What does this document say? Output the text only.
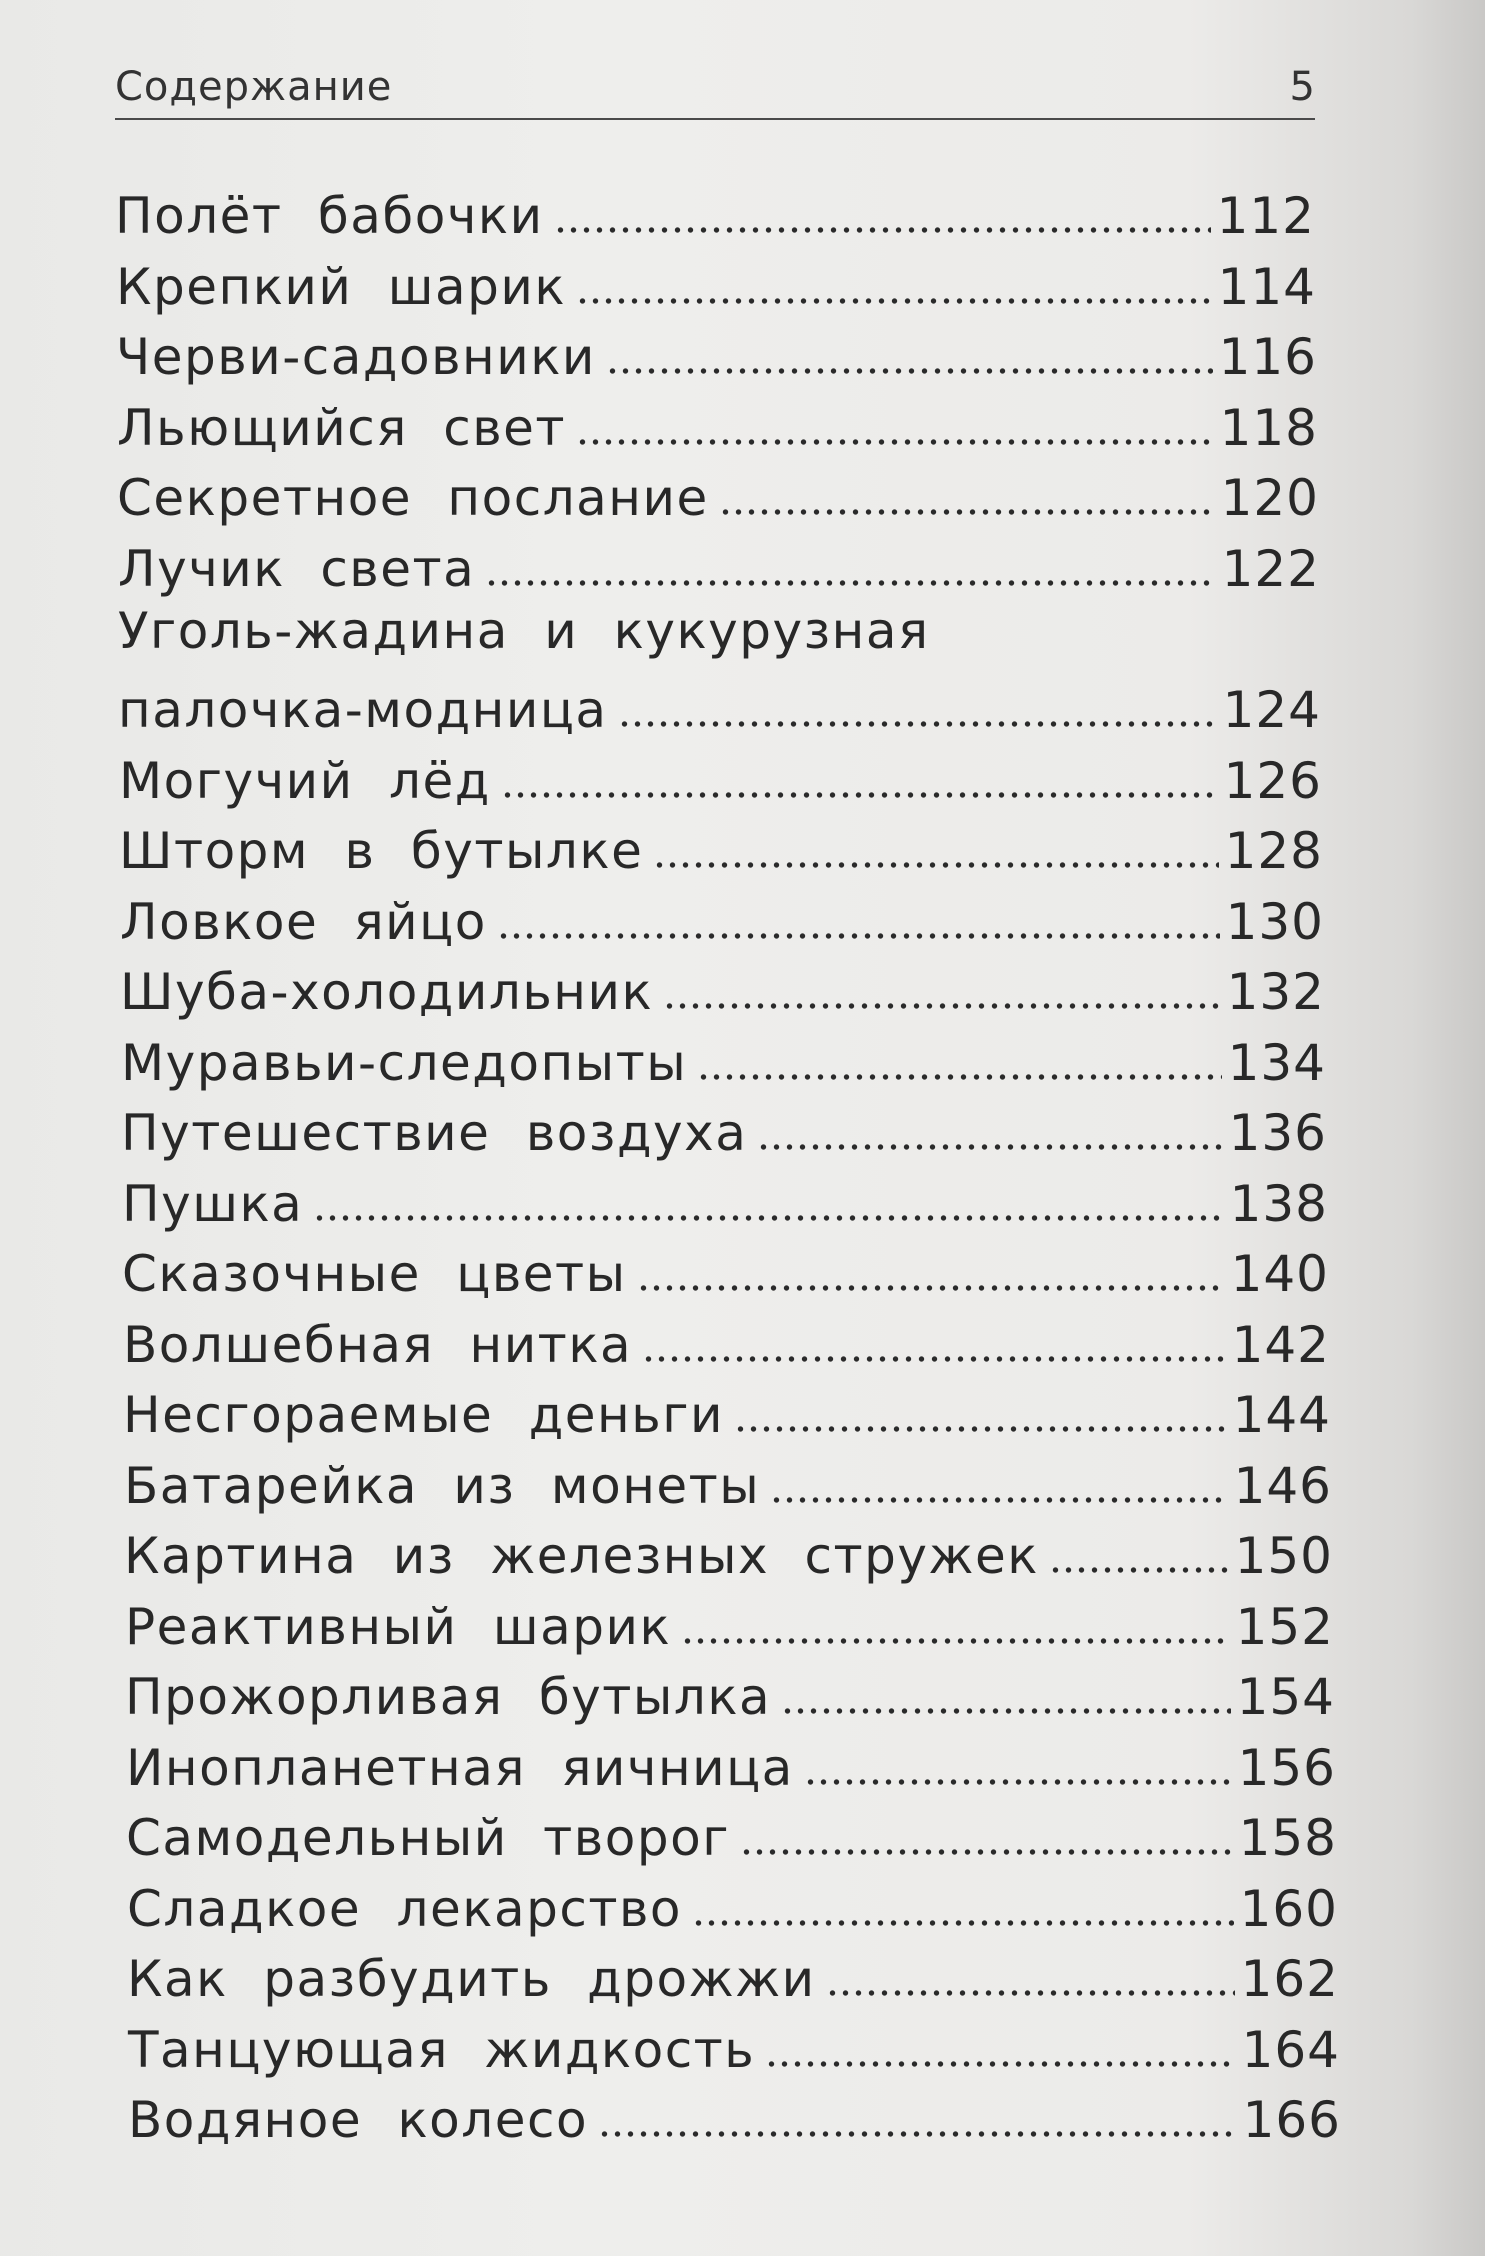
Содержание	5
Полёт бабочки	112
Крепкий шарик	114
Черви-садовники	116
Льющийся свет	118
Секретное послание	120
Лучик света	122
Уголь-жадина и кукурузная
палочка-модница	124
Могучий лёд	126
Шторм в бутылке	128
Ловкое яйцо	130
Шуба-холодильник	132
Муравьи-следопыты	134
Путешествие воздуха	136
Пушка	138
Сказочные цветы	140
Волшебная нитка	142
Несгораемые деньги	144
Батарейка из монеты	146
Картина из железных стружек	150
Реактивный шарик	152
Прожорливая бутылка	154
Инопланетная яичница	156
Самодельный творог	158
Сладкое лекарство	160
Как разбудить дрожжи	162
Танцующая жидкость	164
Водяное колесо	166
